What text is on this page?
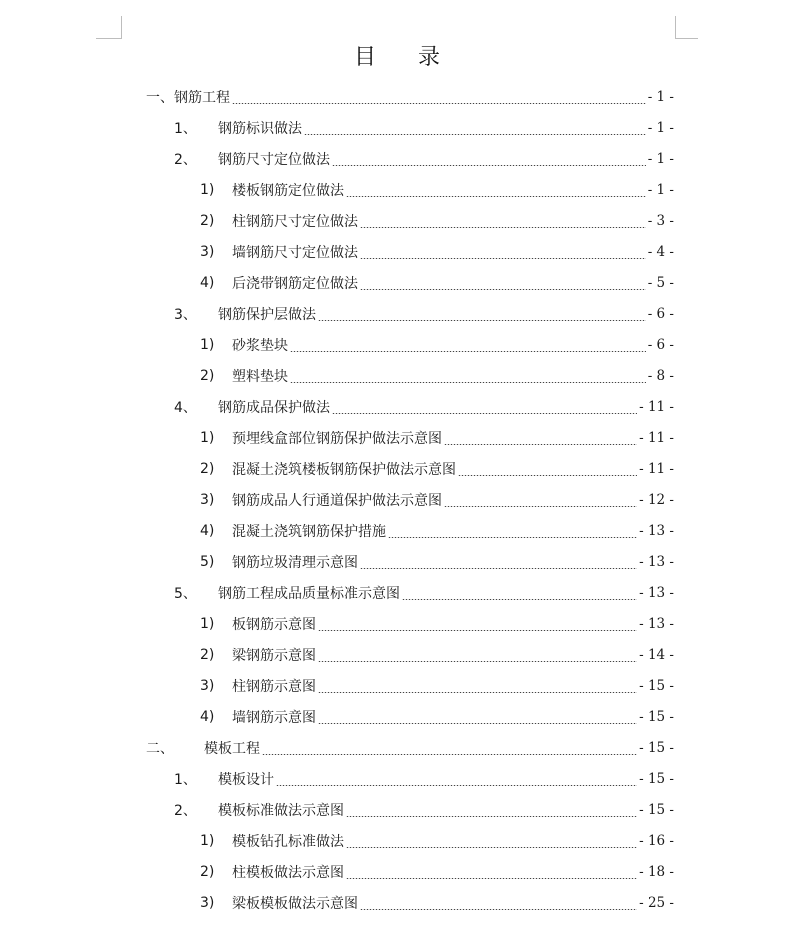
目 录
一、钢筋工程	- 1 -
1、	钢筋标识做法	- 1 -
2、	钢筋尺寸定位做法	- 1 -
1)	楼板钢筋定位做法	- 1 -
2)	柱钢筋尺寸定位做法	- 3 -
3)	墙钢筋尺寸定位做法	- 4 -
4)	后浇带钢筋定位做法	- 5 -
3、	钢筋保护层做法	- 6 -
1)	砂浆垫块	- 6 -
2)	塑料垫块	- 8 -
4、	钢筋成品保护做法	- 11 -
1)	预埋线盒部位钢筋保护做法示意图	- 11 -
2)	混凝土浇筑楼板钢筋保护做法示意图	- 11 -
3)	钢筋成品人行通道保护做法示意图	- 12 -
4)	混凝土浇筑钢筋保护措施	- 13 -
5)	钢筋垃圾清理示意图	- 13 -
5、	钢筋工程成品质量标准示意图	- 13 -
1)	板钢筋示意图	- 13 -
2)	梁钢筋示意图	- 14 -
3)	柱钢筋示意图	- 15 -
4)	墙钢筋示意图	- 15 -
二、	模板工程	- 15 -
1、	模板设计	- 15 -
2、	模板标准做法示意图	- 15 -
1)	模板钻孔标准做法	- 16 -
2)	柱模板做法示意图	- 18 -
3)	梁板模板做法示意图	- 25 -
